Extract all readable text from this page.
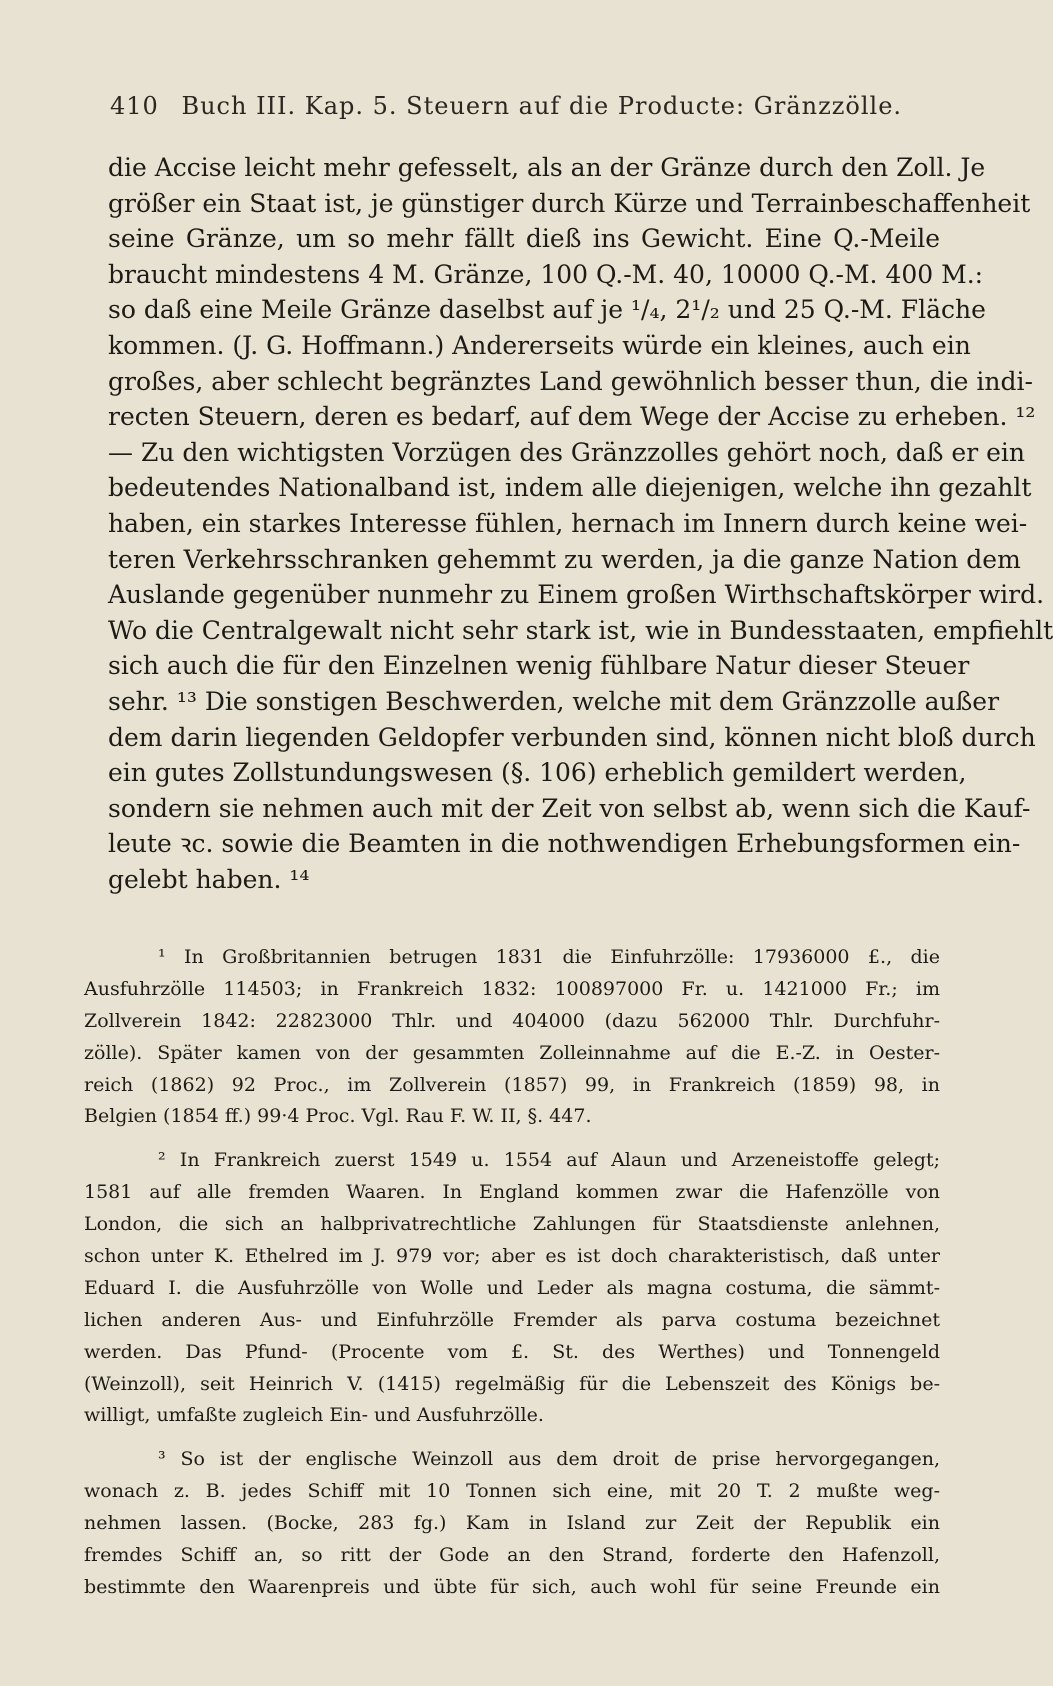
410 Buch III. Kap. 5. Steuern auf die Producte: Gränzzölle.
die Accise leicht mehr gefesselt, als an der Gränze durch den Zoll. Je
größer ein Staat ist, je günstiger durch Kürze und Terrainbeschaffenheit
seine Gränze, um so mehr fällt dieß ins Gewicht. Eine Q.-Meile
braucht mindestens 4 M. Gränze, 100 Q.-M. 40, 10000 Q.-M. 400 M.:
so daß eine Meile Gränze daselbst auf je ¹/₄, 2¹/₂ und 25 Q.-M. Fläche
kommen. (J. G. Hoffmann.) Andererseits würde ein kleines, auch ein
großes, aber schlecht begränztes Land gewöhnlich besser thun, die indi-
recten Steuern, deren es bedarf, auf dem Wege der Accise zu erheben. ¹²
— Zu den wichtigsten Vorzügen des Gränzzolles gehört noch, daß er ein
bedeutendes Nationalband ist, indem alle diejenigen, welche ihn gezahlt
haben, ein starkes Interesse fühlen, hernach im Innern durch keine wei-
teren Verkehrsschranken gehemmt zu werden, ja die ganze Nation dem
Auslande gegenüber nunmehr zu Einem großen Wirthschaftskörper wird.
Wo die Centralgewalt nicht sehr stark ist, wie in Bundesstaaten, empfiehlt
sich auch die für den Einzelnen wenig fühlbare Natur dieser Steuer
sehr. ¹³ Die sonstigen Beschwerden, welche mit dem Gränzzolle außer
dem darin liegenden Geldopfer verbunden sind, können nicht bloß durch
ein gutes Zollstundungswesen (§. 106) erheblich gemildert werden,
sondern sie nehmen auch mit der Zeit von selbst ab, wenn sich die Kauf-
leute ꝛc. sowie die Beamten in die nothwendigen Erhebungsformen ein-
gelebt haben. ¹⁴
¹ In Großbritannien betrugen 1831 die Einfuhrzölle: 17936000 £., die
Ausfuhrzölle 114503; in Frankreich 1832: 100897000 Fr. u. 1421000 Fr.; im
Zollverein 1842: 22823000 Thlr. und 404000 (dazu 562000 Thlr. Durchfuhr-
zölle). Später kamen von der gesammten Zolleinnahme auf die E.-Z. in Oester-
reich (1862) 92 Proc., im Zollverein (1857) 99, in Frankreich (1859) 98, in
Belgien (1854 ff.) 99·4 Proc. Vgl. Rau F. W. II, §. 447.
² In Frankreich zuerst 1549 u. 1554 auf Alaun und Arzeneistoffe gelegt;
1581 auf alle fremden Waaren. In England kommen zwar die Hafenzölle von
London, die sich an halbprivatrechtliche Zahlungen für Staatsdienste anlehnen,
schon unter K. Ethelred im J. 979 vor; aber es ist doch charakteristisch, daß unter
Eduard I. die Ausfuhrzölle von Wolle und Leder als magna costuma, die sämmt-
lichen anderen Aus- und Einfuhrzölle Fremder als parva costuma bezeichnet
werden. Das Pfund- (Procente vom £. St. des Werthes) und Tonnengeld
(Weinzoll), seit Heinrich V. (1415) regelmäßig für die Lebenszeit des Königs be-
willigt, umfaßte zugleich Ein- und Ausfuhrzölle.
³ So ist der englische Weinzoll aus dem droit de prise hervorgegangen,
wonach z. B. jedes Schiff mit 10 Tonnen sich eine, mit 20 T. 2 mußte weg-
nehmen lassen. (Bocke, 283 fg.) Kam in Island zur Zeit der Republik ein
fremdes Schiff an, so ritt der Gode an den Strand, forderte den Hafenzoll,
bestimmte den Waarenpreis und übte für sich, auch wohl für seine Freunde ein
